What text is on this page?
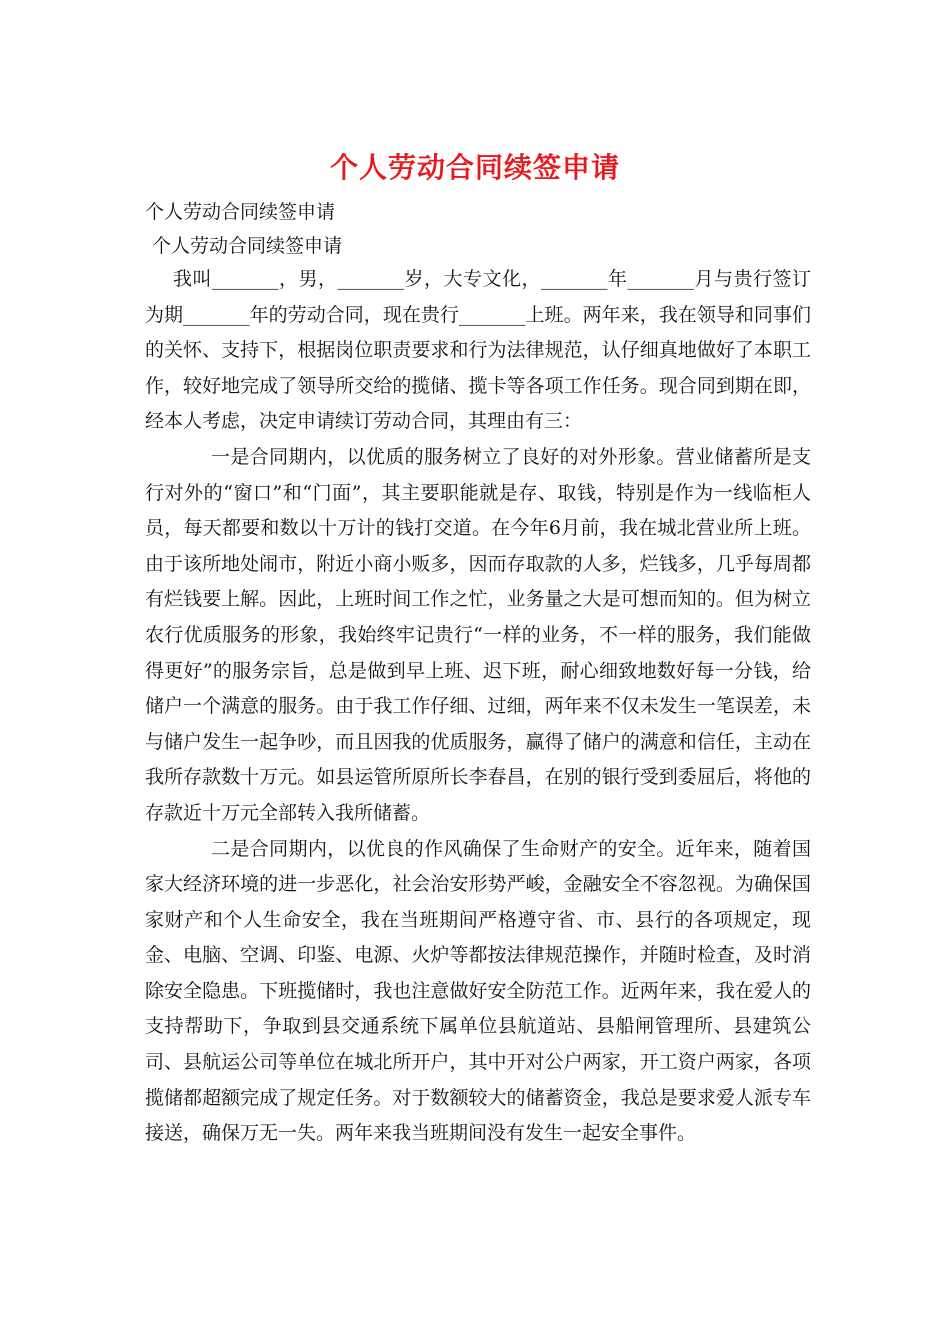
个人劳动合同续签申请
个人劳动合同续签申请
个人劳动合同续签申请

我叫_______，男，_______岁，大专文化，_______年_______月与贵行签订为期_______年的劳动合同，现在贵行_______上班。两年来，我在领导和同事们的关怀、支持下，根据岗位职责要求和行为法律规范，认仔细真地做好了本职工作，较好地完成了领导所交给的揽储、揽卡等各项工作任务。现合同到期在即，经本人考虑，决定申请续订劳动合同，其理由有三：

一是合同期内，以优质的服务树立了良好的对外形象。营业储蓄所是支行对外的“窗口”和“门面”，其主要职能就是存、取钱，特别是作为一线临柜人员，每天都要和数以十万计的钱打交道。在今年6月前，我在城北营业所上班。由于该所地处闹市，附近小商小贩多，因而存取款的人多，烂钱多，几乎每周都有烂钱要上解。因此，上班时间工作之忙，业务量之大是可想而知的。但为树立农行优质服务的形象，我始终牢记贵行“一样的业务，不一样的服务，我们能做得更好”的服务宗旨，总是做到早上班、迟下班，耐心细致地数好每一分钱，给储户一个满意的服务。由于我工作仔细、过细，两年来不仅未发生一笔误差，未与储户发生一起争吵，而且因我的优质服务，赢得了储户的满意和信任，主动在我所存款数十万元。如县运管所原所长李春昌，在别的银行受到委屈后，将他的存款近十万元全部转入我所储蓄。

二是合同期内，以优良的作风确保了生命财产的安全。近年来，随着国家大经济环境的进一步恶化，社会治安形势严峻，金融安全不容忽视。为确保国家财产和个人生命安全，我在当班期间严格遵守省、市、县行的各项规定，现金、电脑、空调、印鉴、电源、火炉等都按法律规范操作，并随时检查，及时消除安全隐患。下班揽储时，我也注意做好安全防范工作。近两年来，我在爱人的支持帮助下，争取到县交通系统下属单位县航道站、县船闸管理所、县建筑公司、县航运公司等单位在城北所开户，其中开对公户两家，开工资户两家，各项揽储都超额完成了规定任务。对于数额较大的储蓄资金，我总是要求爱人派专车接送，确保万无一失。两年来我当班期间没有发生一起安全事件。
